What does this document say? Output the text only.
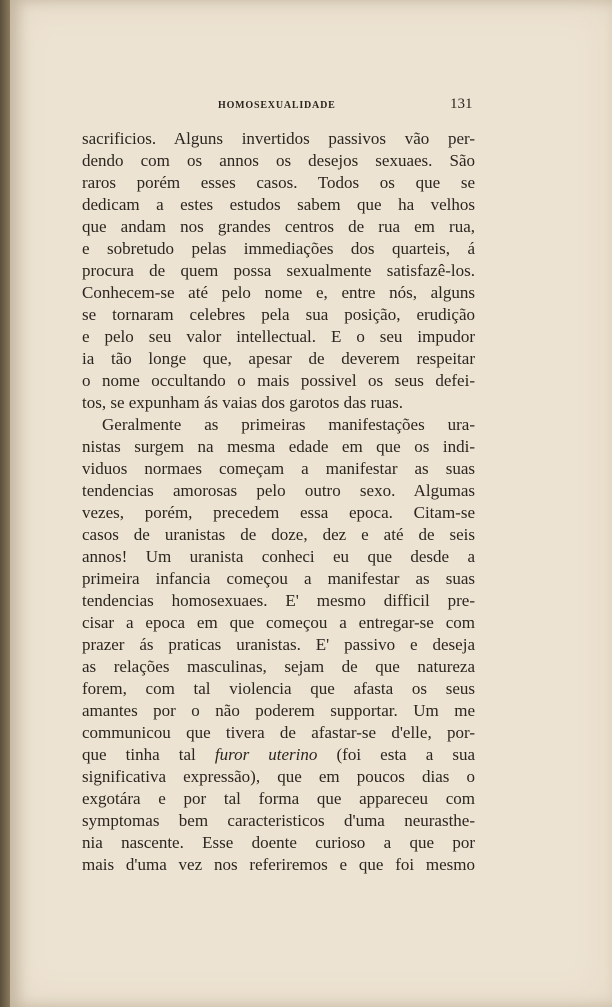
HOMOSEXUALIDADE	131
sacrificios. Alguns invertidos passivos vão per-
dendo com os annos os desejos sexuaes. São
raros porém esses casos. Todos os que se
dedicam a estes estudos sabem que ha velhos
que andam nos grandes centros de rua em rua,
e sobretudo pelas immediações dos quarteis, á
procura de quem possa sexualmente satisfazê-los.
Conhecem-se até pelo nome e, entre nós, alguns
se tornaram celebres pela sua posição, erudição
e pelo seu valor intellectual. E o seu impudor
ia tão longe que, apesar de deverem respeitar
o nome occultando o mais possivel os seus defei-
tos, se expunham ás vaias dos garotos das ruas.
Geralmente as primeiras manifestações ura-
nistas surgem na mesma edade em que os indi-
viduos normaes começam a manifestar as suas
tendencias amorosas pelo outro sexo. Algumas
vezes, porém, precedem essa epoca. Citam-se
casos de uranistas de doze, dez e até de seis
annos! Um uranista conheci eu que desde a
primeira infancia começou a manifestar as suas
tendencias homosexuaes. E' mesmo difficil pre-
cisar a epoca em que começou a entregar-se com
prazer ás praticas uranistas. E' passivo e deseja
as relações masculinas, sejam de que natureza
forem, com tal violencia que afasta os seus
amantes por o não poderem supportar. Um me
communicou que tivera de afastar-se d'elle, por-
que tinha tal furor uterino (foi esta a sua
significativa expressão), que em poucos dias o
exgotára e por tal forma que appareceu com
symptomas bem caracteristicos d'uma neurasthe-
nia nascente. Esse doente curioso a que por
mais d'uma vez nos referiremos e que foi mesmo
